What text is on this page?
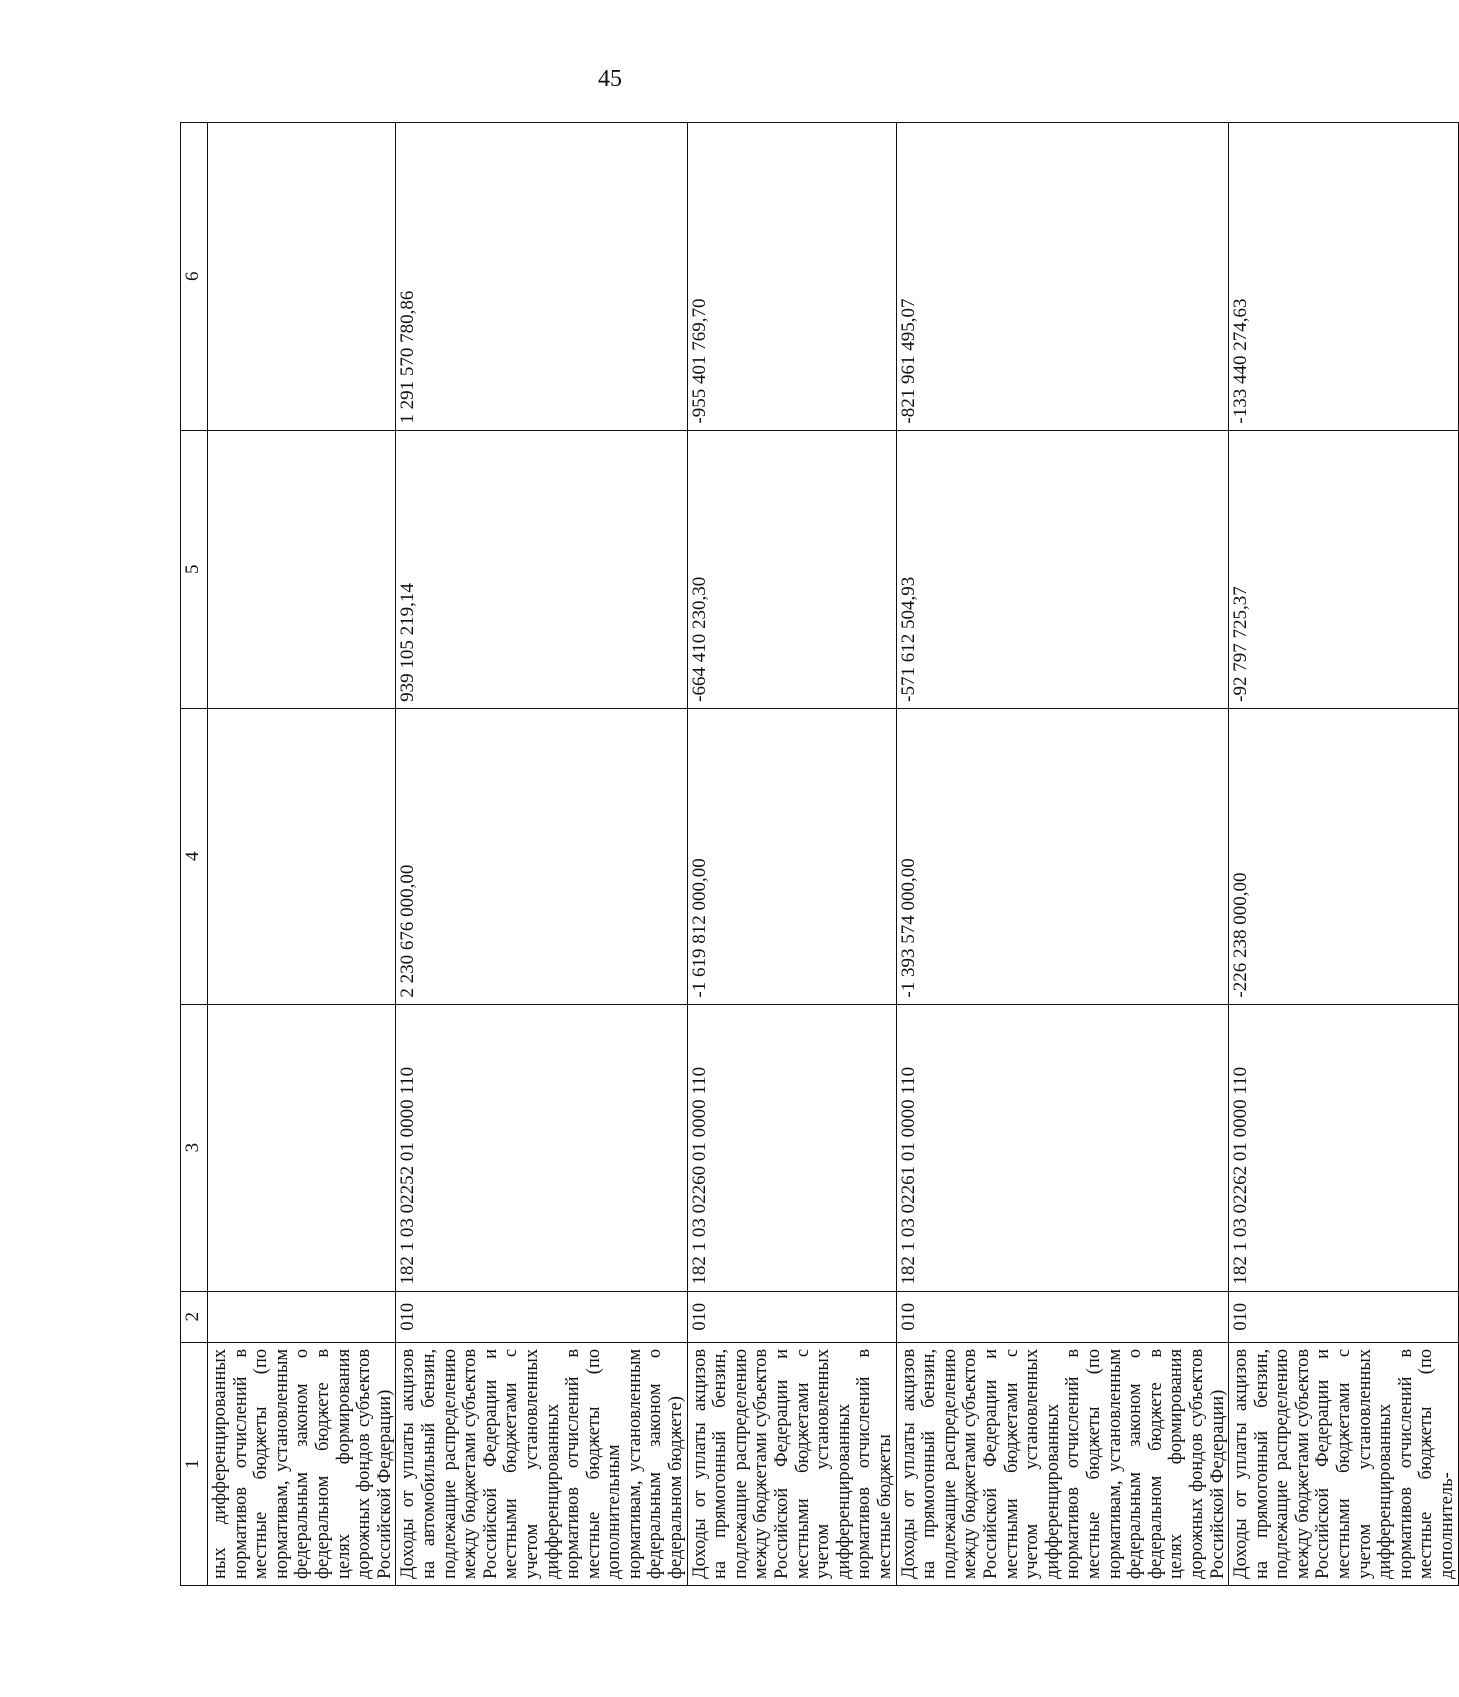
45
1	2	3	4	5	6
ных дифференцированных нормативов отчислений в местные бюджеты (по нормативам, установленным федеральным законом о федеральном бюджете в целях формирования дорожных фондов субъектов Российской Федерации)					
Доходы от уплаты акцизов на автомобильный бензин, подлежащие распределению между бюджетами субъектов Российской Федерации и местными бюджетами с учетом установленных дифференцированных нормативов отчислений в местные бюджеты (по дополнительным нормативам, установленным федеральным законом о федеральном бюджете)	010	182 1 03 02252 01 0000 110	2 230 676 000,00	939 105 219,14	1 291 570 780,86
Доходы от уплаты акцизов на прямогонный бензин, подлежащие распределению между бюджетами субъектов Российской Федерации и местными бюджетами с учетом установленных дифференцированных нормативов отчислений в местные бюджеты	010	182 1 03 02260 01 0000 110	-1 619 812 000,00	-664 410 230,30	-955 401 769,70
Доходы от уплаты акцизов на прямогонный бензин, подлежащие распределению между бюджетами субъектов Российской Федерации и местными бюджетами с учетом установленных дифференцированных нормативов отчислений в местные бюджеты (по нормативам, установленным федеральным законом о федеральном бюджете в целях формирования дорожных фондов субъектов Российской Федерации)	010	182 1 03 02261 01 0000 110	-1 393 574 000,00	-571 612 504,93	-821 961 495,07
Доходы от уплаты акцизов на прямогонный бензин, подлежащие распределению между бюджетами субъектов Российской Федерации и местными бюджетами с учетом установленных дифференцированных нормативов отчислений в местные бюджеты (по дополнитель-	010	182 1 03 02262 01 0000 110	-226 238 000,00	-92 797 725,37	-133 440 274,63
